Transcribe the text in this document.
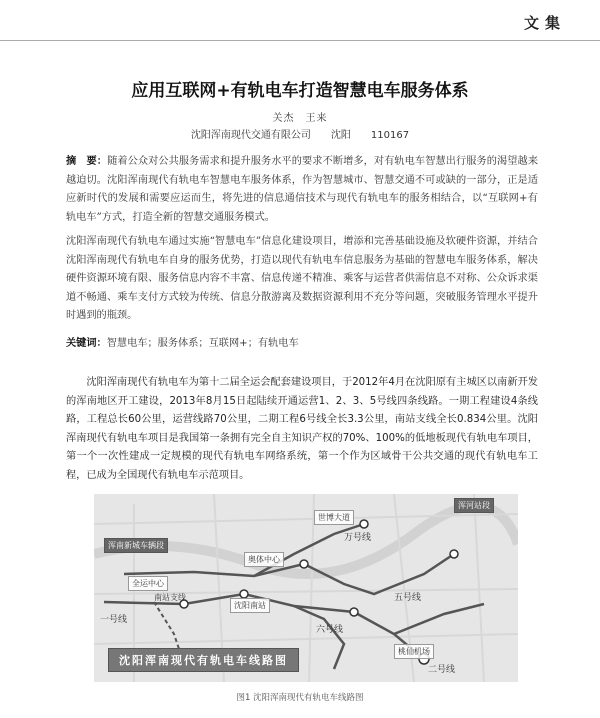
文集
应用互联网+有轨电车打造智慧电车服务体系
关杰　王来
沈阳浑南现代交通有限公司　　沈阳　　110167
摘　要：随着公众对公共服务需求和提升服务水平的要求不断增多，对有轨电车智慧出行服务的渴望越来越迫切。沈阳浑南现代有轨电车智慧电车服务体系，作为智慧城市、智慧交通不可或缺的一部分，正是适应新时代的发展和需要应运而生，将先进的信息通信技术与现代有轨电车的服务相结合，以“互联网+有轨电车”方式，打造全新的智慧交通服务模式。
沈阳浑南现代有轨电车通过实施“智慧电车”信息化建设项目，增添和完善基础设施及软硬件资源，并结合沈阳浑南现代有轨电车自身的服务优势，打造以现代有轨电车信息服务为基础的智慧电车服务体系，解决硬件资源环境有限、服务信息内容不丰富、信息传递不精准、乘客与运营者供需信息不对称、公众诉求渠道不畅通、乘车支付方式较为传统、信息分散游离及数据资源利用不充分等问题，突破服务管理水平提升时遇到的瓶颈。
关键词：智慧电车；服务体系；互联网+；有轨电车
沈阳浑南现代有轨电车为第十二届全运会配套建设项目，于2012年4月在沈阳原有主城区以南新开发的浑南地区开工建设，2013年8月15日起陆续开通运营1、2、3、5号线四条线路。一期工程建设4条线路，工程总长60公里，运营线路70公里，二期工程6号线全长3.3公里，南站支线全长0.834公里。沈阳浑南现代有轨电车项目是我国第一条拥有完全自主知识产权的70%、100%的低地板现代有轨电车项目，第一个一次性建成一定规模的现代有轨电车网络系统，第一个作为区域骨干公共交通的现代有轨电车工程，已成为全国现代有轨电车示范项目。
浑南新城车辆段
全运中心
南站支线
奥体中心
沈阳南站
世博大道
浑河站段
桃仙机场
一号线
二号线
五号线
六号线
万号线
沈阳浑南现代有轨电车线路图
图1 沈阳浑南现代有轨电车线路图
